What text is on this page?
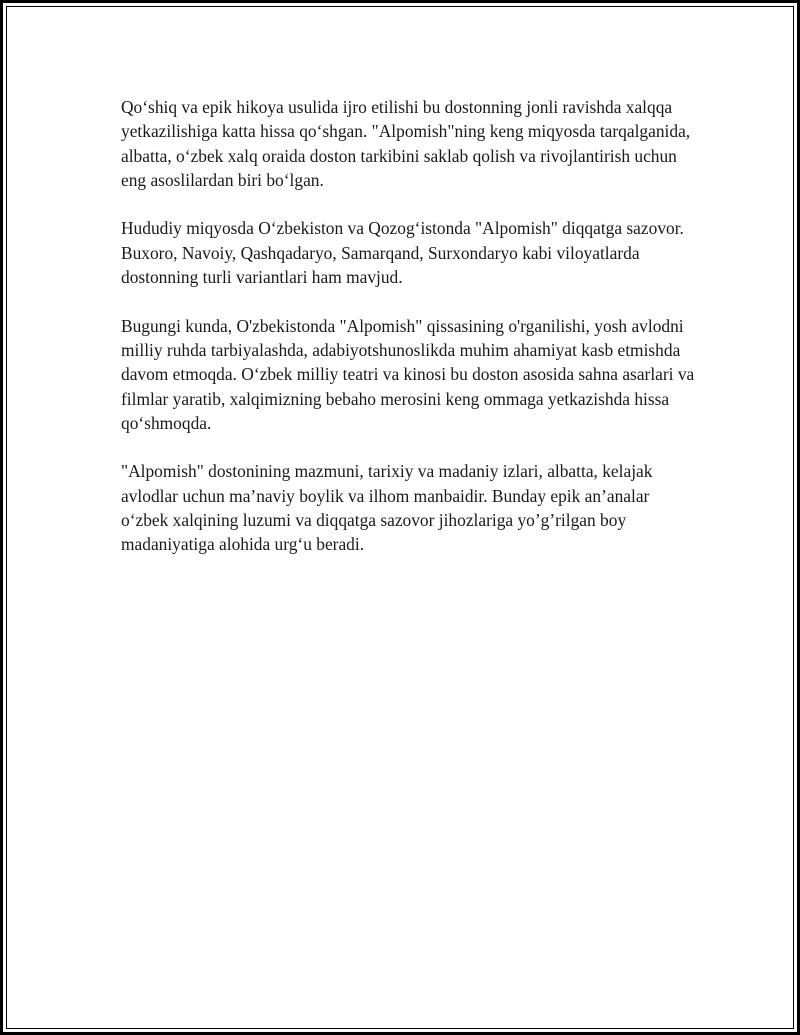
Qo‘shiq va epik hikoya usulida ijro etilishi bu dostonning jonli ravishda xalqqa yetkazilishiga katta hissa qo‘shgan. "Alpomish"ning keng miqyosda tarqalganida, albatta, o‘zbek xalq oraida doston tarkibini saklab qolish va rivojlantirish uchun eng asoslilardan biri bo‘lgan.

Hududiy miqyosda O‘zbekiston va Qozog‘istonda "Alpomish" diqqatga sazovor. Buxoro, Navoiy, Qashqadaryo, Samarqand, Surxondaryo kabi viloyatlarda dostonning turli variantlari ham mavjud.

Bugungi kunda, O'zbekistonda "Alpomish" qissasining o'rganilishi, yosh avlodni milliy ruhda tarbiyalashda, adabiyotshunoslikda muhim ahamiyat kasb etmishda davom etmoqda. O‘zbek milliy teatri va kinosi bu doston asosida sahna asarlari va filmlar yaratib, xalqimizning bebaho merosini keng ommaga yetkazishda hissa qo‘shmoqda.

"Alpomish" dostonining mazmuni, tarixiy va madaniy izlari, albatta, kelajak avlodlar uchun ma’naviy boylik va ilhom manbaidir. Bunday epik an’analar o‘zbek xalqining luzumi va diqqatga sazovor jihozlariga yo’g’rilgan boy madaniyatiga alohida urg‘u beradi.
